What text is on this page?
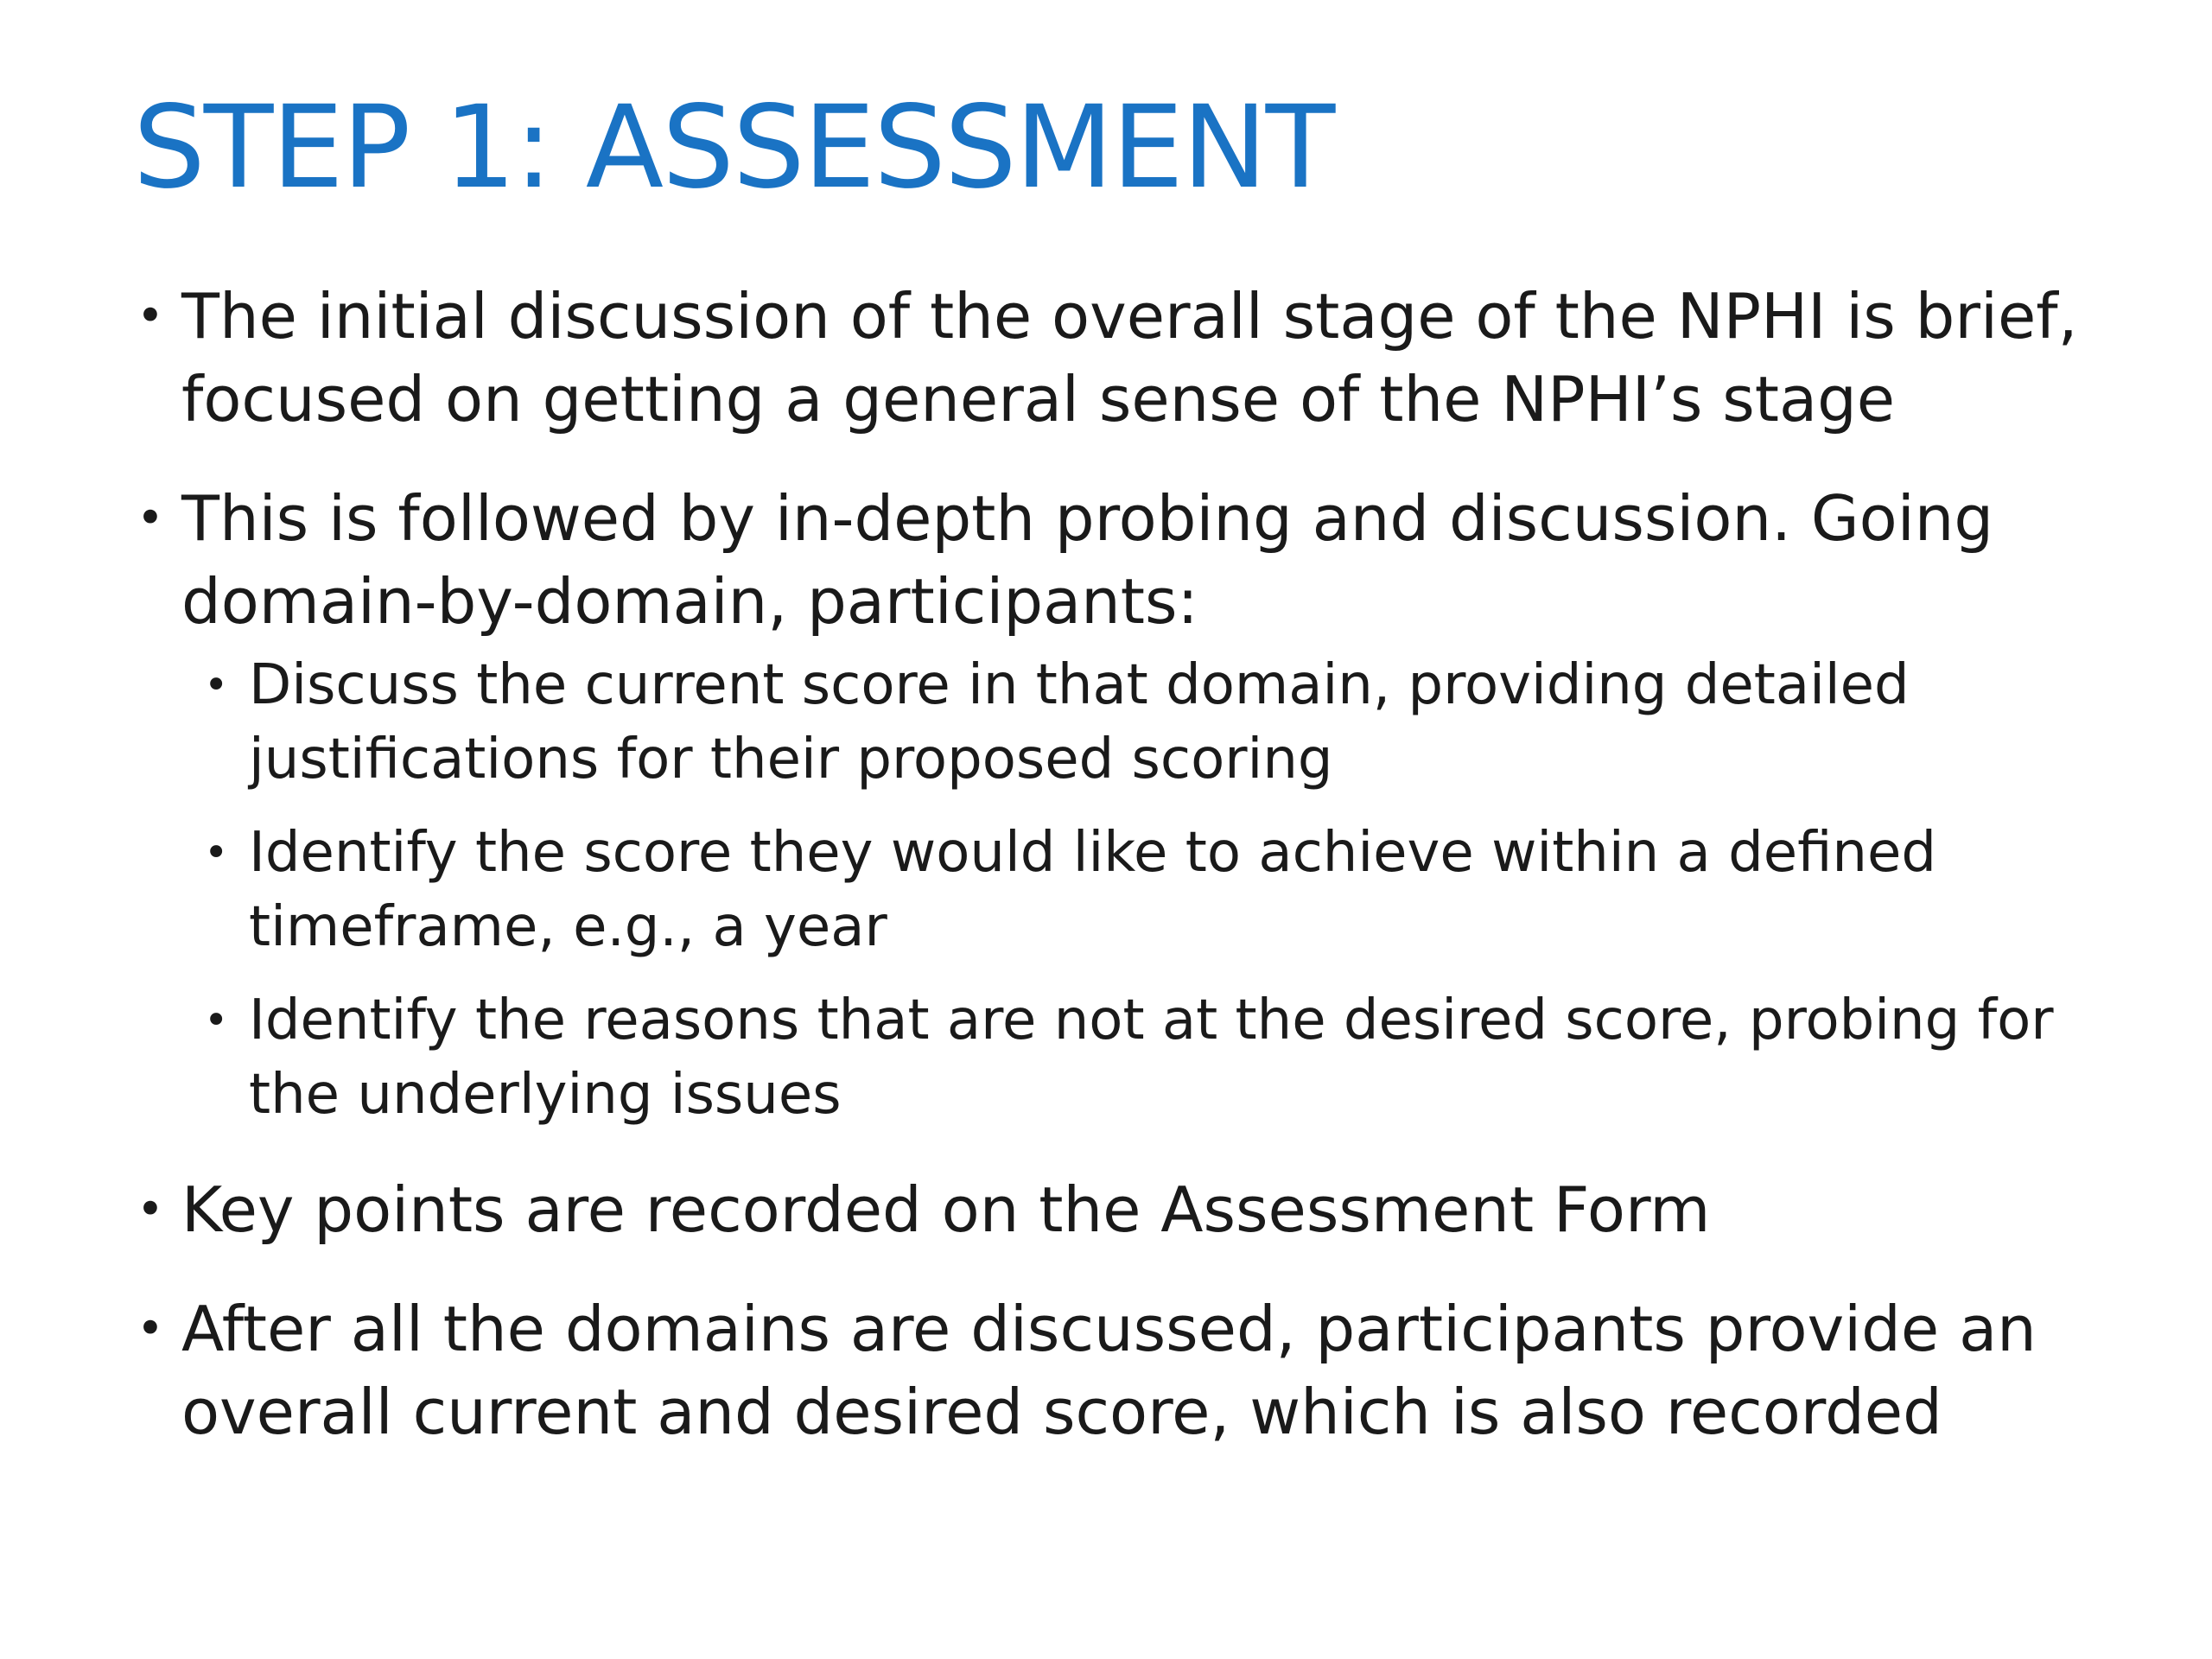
STEP 1: ASSESSMENT
• The initial discussion of the overall stage of the NPHI is brief, focused on getting a general sense of the NPHI’s stage
• This is followed by in-depth probing and discussion. Going domain-by-domain, participants:
• Discuss the current score in that domain, providing detailed justifications for their proposed scoring
• Identify the score they would like to achieve within a defined timeframe, e.g., a year
• Identify the reasons that are not at the desired score, probing for the underlying issues
• Key points are recorded on the Assessment Form
• After all the domains are discussed, participants provide an overall current and desired score, which is also recorded
